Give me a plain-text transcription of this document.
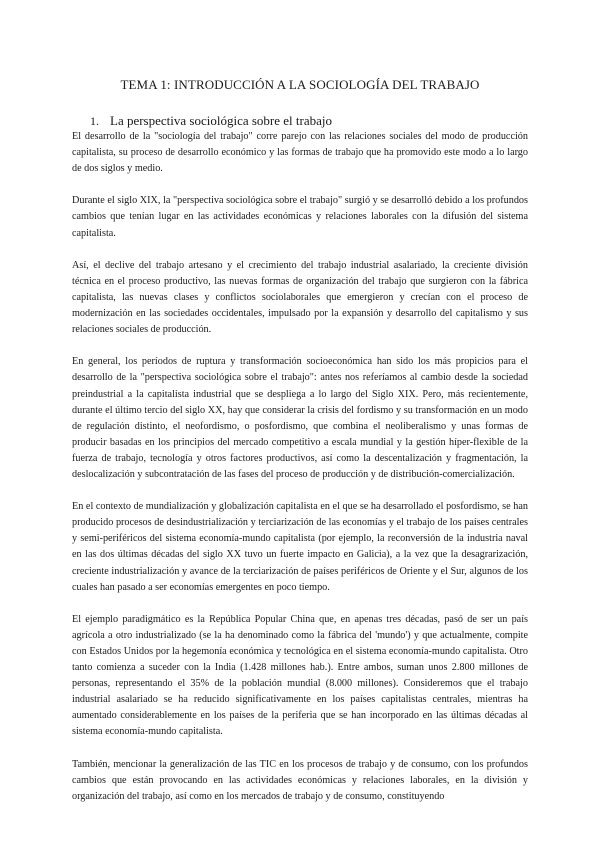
TEMA 1: INTRODUCCIÓN A LA SOCIOLOGÍA DEL TRABAJO
1. La perspectiva sociológica sobre el trabajo

El desarrollo de la "sociología del trabajo" corre parejo con las relaciones sociales del modo de producción capitalista, su proceso de desarrollo económico y las formas de trabajo que ha promovido este modo a lo largo de dos siglos y medio.

Durante el siglo XIX, la "perspectiva sociológica sobre el trabajo" surgió y se desarrolló debido a los profundos cambios que tenían lugar en las actividades económicas y relaciones laborales con la difusión del sistema capitalista.

Así, el declive del trabajo artesano y el crecimiento del trabajo industrial asalariado, la creciente división técnica en el proceso productivo, las nuevas formas de organización del trabajo que surgieron con la fábrica capitalista, las nuevas clases y conflictos sociolaborales que emergieron y crecían con el proceso de modernización en las sociedades occidentales, impulsado por la expansión y desarrollo del capitalismo y sus relaciones sociales de producción.

En general, los períodos de ruptura y transformación socioeconómica han sido los más propicios para el desarrollo de la "perspectiva sociológica sobre el trabajo": antes nos referíamos al cambio desde la sociedad preindustrial a la capitalista industrial que se despliega a lo largo del Siglo XIX. Pero, más recientemente, durante el último tercio del siglo XX, hay que considerar la crisis del fordismo y su transformación en un modo de regulación distinto, el neofordismo, o posfordismo, que combina el neoliberalismo y unas formas de producir basadas en los principios del mercado competitivo a escala mundial y la gestión híper-flexible de la fuerza de trabajo, tecnología y otros factores productivos, así como la descentalización y fragmentación, la deslocalización y subcontratación de las fases del proceso de producción y de distribución-comercialización.

En el contexto de mundialización y globalización capitalista en el que se ha desarrollado el posfordismo, se han producido procesos de desindustrialización y terciarización de las economías y el trabajo de los países centrales y semi-periféricos del sistema economía-mundo capitalista (por ejemplo, la reconversión de la industria naval en las dos últimas décadas del siglo XX tuvo un fuerte impacto en Galicia), a la vez que la desagrarización, creciente industrialización y avance de la terciarización de países periféricos de Oriente y el Sur, algunos de los cuales han pasado a ser economías emergentes en poco tiempo.

El ejemplo paradigmático es la República Popular China que, en apenas tres décadas, pasó de ser un país agrícola a otro industrializado (se la ha denominado como la fábrica del 'mundo') y que actualmente, compite con Estados Unidos por la hegemonía económica y tecnológica en el sistema economía-mundo capitalista. Otro tanto comienza a suceder con la India (1.428 millones hab.). Entre ambos, suman unos 2.800 millones de personas, representando el 35% de la población mundial (8.000 millones). Consideremos que el trabajo industrial asalariado se ha reducido significativamente en los países capitalistas centrales, mientras ha aumentado considerablemente en los países de la periferia que se han incorporado en las últimas décadas al sistema economía-mundo capitalista.

También, mencionar la generalización de las TIC en los procesos de trabajo y de consumo, con los profundos cambios que están provocando en las actividades económicas y relaciones laborales, en la división y organización del trabajo, así como en los mercados de trabajo y de consumo, constituyendo
